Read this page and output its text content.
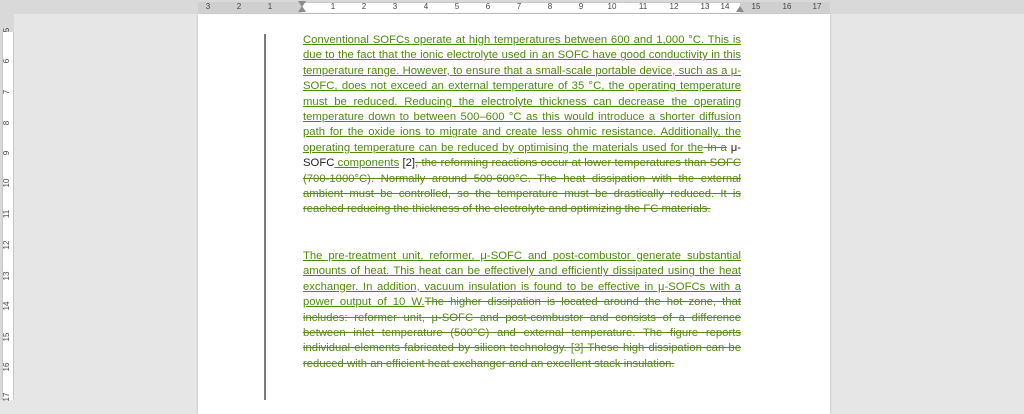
3	2	1	1	2	3	4	5	6	7	8	9	10	11	12	13 14	15	16	17
5
6
7
8
9
10
11
12
13
14
15
16
17
Conventional SOFCs operate at high temperatures between 600 and 1,000 °C. This is due to the fact that the ionic electrolyte used in an SOFC have good conductivity in this temperature range. However, to ensure that a small-scale portable device, such as a μ-SOFC, does not exceed an external temperature of 35 °C, the operating temperature must be reduced. Reducing the electrolyte thickness can decrease the operating temperature down to between 500–600 °C as this would introduce a shorter diffusion path for the oxide ions to migrate and create less ohmic resistance. Additionally, the operating temperature can be reduced by optimising the materials used for the In a μ-SOFC components [2], the reforming reactions occur at lower temperatures than SOFC (700-1000°C). Normally around 500-600°C. The heat dissipation with the external ambient must be controlled, so the temperature must be drastically reduced. It is reached reducing the thickness of the electrolyte and optimizing the FC materials.
The pre-treatment unit, reformer, μ-SOFC and post-combustor generate substantial amounts of heat. This heat can be effectively and efficiently dissipated using the heat exchanger. In addition, vacuum insulation is found to be effective in μ-SOFCs with a power output of 10 W.The higher dissipation is located around the hot zone, that includes: reformer unit, μ-SOFC and post-combustor and consists of a difference between inlet temperature (500°C) and external temperature. The figure reports individual elements fabricated by silicon technology. [3] These high dissipation can be reduced with an efficient heat exchanger and an excellent stack insulation.
